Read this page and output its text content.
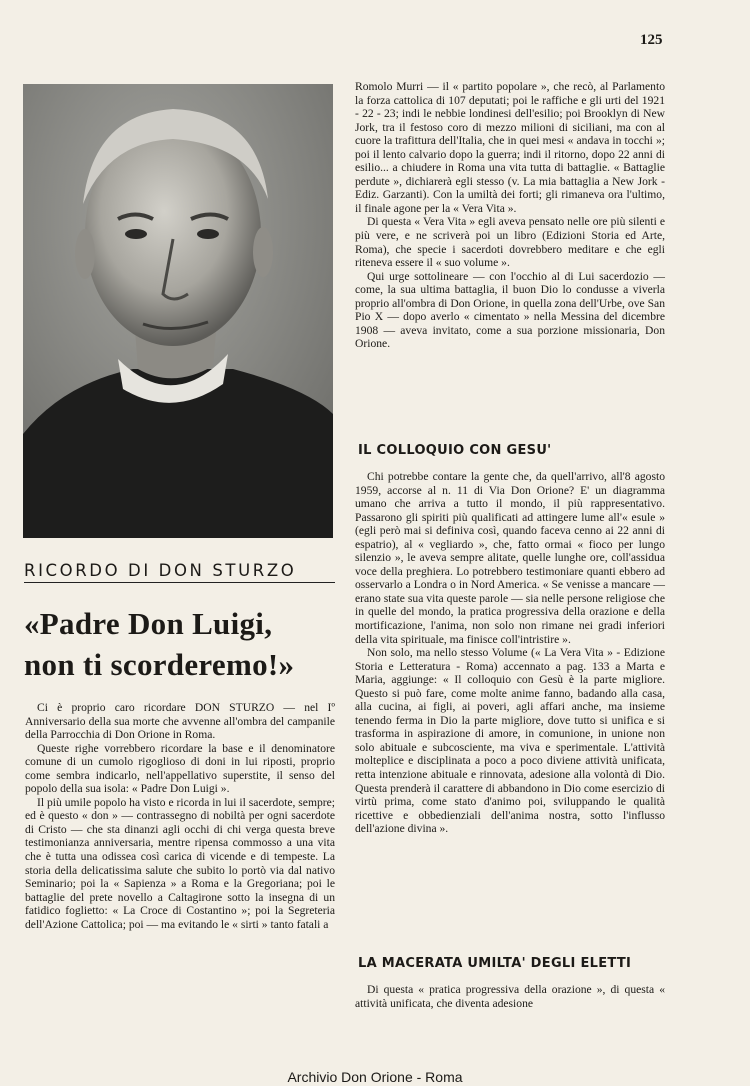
125
RICORDO DI DON STURZO
«Padre Don Luigi,
non ti scorderemo!»

Ci è proprio caro ricordare DON STURZO — nel Iº Anniversario della sua morte che avvenne all'ombra del campanile della Parrocchia di Don Orione in Roma.

Queste righe vorrebbero ricordare la base e il denominatore comune di un cumolo rigoglioso di doni in lui riposti, proprio come sembra indicarlo, nell'appellativo superstite, il senso del popolo della sua isola: « Padre Don Luigi ».

Il più umile popolo ha visto e ricorda in lui il sacerdote, sempre; ed è questo « don » — contrassegno di nobiltà per ogni sacerdote di Cristo — che sta dinanzi agli occhi di chi verga questa breve testimonianza anniversaria, mentre ripensa commosso a una vita che è tutta una odissea così carica di vicende e di tempeste. La storia della delicatissima salute che subito lo portò via dal nativo Seminario; poi la « Sapienza » a Roma e la Gregoriana; poi le battaglie del prete novello a Caltagirone sotto la insegna di un fatidico foglietto: « La Croce di Costantino »; poi la Segreteria dell'Azione Cattolica; poi — ma evitando le « sirti » tanto fatali a

Romolo Murri — il « partito popolare », che recò, al Parlamento la forza cattolica di 107 deputati; poi le raffiche e gli urti del 1921 - 22 - 23; indi le nebbie londinesi dell'esilio; poi Brooklyn di New Jork, tra il festoso coro di mezzo milioni di siciliani, ma con al cuore la trafittura dell'Italia, che in quei mesi « andava in tocchi »; poi il lento calvario dopo la guerra; indi il ritorno, dopo 22 anni di esilio... a chiudere in Roma una vita tutta di battaglie. « Battaglie perdute », dichiarerà egli stesso (v. La mia battaglia a New Jork - Ediz. Garzanti). Con la umiltà dei forti; gli rimaneva ora l'ultimo, il finale agone per la « Vera Vita ».

Di questa « Vera Vita » egli aveva pensato nelle ore più silenti e più vere, e ne scriverà poi un libro (Edizioni Storia ed Arte, Roma), che specie i sacerdoti dovrebbero meditare e che egli riteneva essere il « suo volume ».

Qui urge sottolineare — con l'occhio al di Lui sacerdozio — come, la sua ultima battaglia, il buon Dio lo condusse a viverla proprio all'ombra di Don Orione, in quella zona dell'Urbe, ove San Pio X — dopo averlo « cimentato » nella Messina del dicembre 1908 — aveva invitato, come a sua porzione missionaria, Don Orione.

IL COLLOQUIO CON GESU'

Chi potrebbe contare la gente che, da quell'arrivo, all'8 agosto 1959, accorse al n. 11 di Via Don Orione? E' un diagramma umano che arriva a tutto il mondo, il più rappresentativo. Passarono gli spiriti più qualificati ad attingere lume all'« esule » (egli però mai si definiva così, quando faceva cenno ai 22 anni di espatrio), al « vegliardo », che, fatto ormai « fioco per lungo silenzio », le aveva sempre alitate, quelle lunghe ore, coll'assidua voce della preghiera. Lo potrebbero testimoniare quanti ebbero ad osservarlo a Londra o in Nord America. « Se venisse a mancare — erano state sua vita queste parole — sia nelle persone religiose che in quelle del mondo, la pratica progressiva della orazione e della mortificazione, l'anima, non solo non rimane nei gradi inferiori della vita spirituale, ma finisce coll'intristire ».

Non solo, ma nello stesso Volume (« La Vera Vita » - Edizione Storia e Letteratura - Roma) accennato a pag. 133 a Marta e Maria, aggiunge: « Il colloquio con Gesù è la parte migliore. Questo si può fare, come molte anime fanno, badando alla casa, alla cucina, ai figli, ai poveri, agli affari anche, ma insieme tenendo ferma in Dio la parte migliore, dove tutto si unifica e si trasforma in aspirazione di amore, in comunione, in unione non solo abituale e subcosciente, ma viva e sperimentale. L'attività molteplice e disciplinata a poco a poco diviene attività unificata, retta intenzione abituale e rinnovata, adesione alla volontà di Dio. Questa prenderà il carattere di abbandono in Dio come esercizio di virtù prima, come stato d'animo poi, sviluppando le qualità ricettive e obbedienziali dell'anima nostra, sotto l'influsso dell'azione divina ».

LA MACERATA UMILTA' DEGLI ELETTI

Di questa « pratica progressiva della orazione », di questa « attività unificata, che diventa adesione

Archivio Don Orione - Roma
